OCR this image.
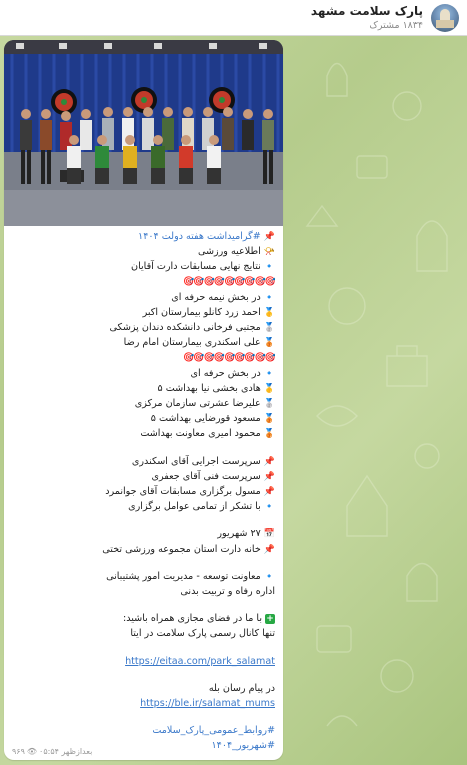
پارک سلامت مشهد
۱۸۳۴ مشترک
📌#گرامیداشت هفته دولت ۱۴۰۴
📯اطلاعیه ورزشی
🔹نتایج نهایی مسابقات دارت آقایان
🎯🎯🎯🎯🎯🎯🎯🎯🎯
🔹در بخش نیمه حرفه ای
🥇احمد زرد کانلو بیمارستان اکبر
🥈مجتبی فرخانی دانشکده دندان پزشکی
🥉علی اسکندری بیمارستان امام رضا
🎯🎯🎯🎯🎯🎯🎯🎯🎯
🔹در بخش حرفه ای
🥇هادی بخشی نیا بهداشت ۵
🥈علیرضا عشرتی سازمان مرکزی
🥉مسعود قورضایی بهداشت ۵
🥉محمود امیری معاونت بهداشت
📌سرپرست اجرایی آقای اسکندری
📌سرپرست فنی آقای جعفری
📌مسول برگزاری مسابقات آقای جوانمرد
🔹با تشکر از تمامی عوامل برگزاری
📅۲۷ شهریور
📌خانه دارت استان مجموعه ورزشی تختی
🔹معاونت توسعه - مدیریت امور پشتیبانی
اداره رفاه و تربیت بدنی
+با ما در فضای مجازی همراه باشید:
تنها کانال رسمی پارک سلامت در ایتا
https://eitaa.com/park_salamat
در پیام رسان بله
https://ble.ir/salamat_mums
#روابط_عمومی_پارک_سلامت
#شهریور_۱۴۰۴
۹۶۹ 👁 ۰۵:۵۴ بعدازظهر
